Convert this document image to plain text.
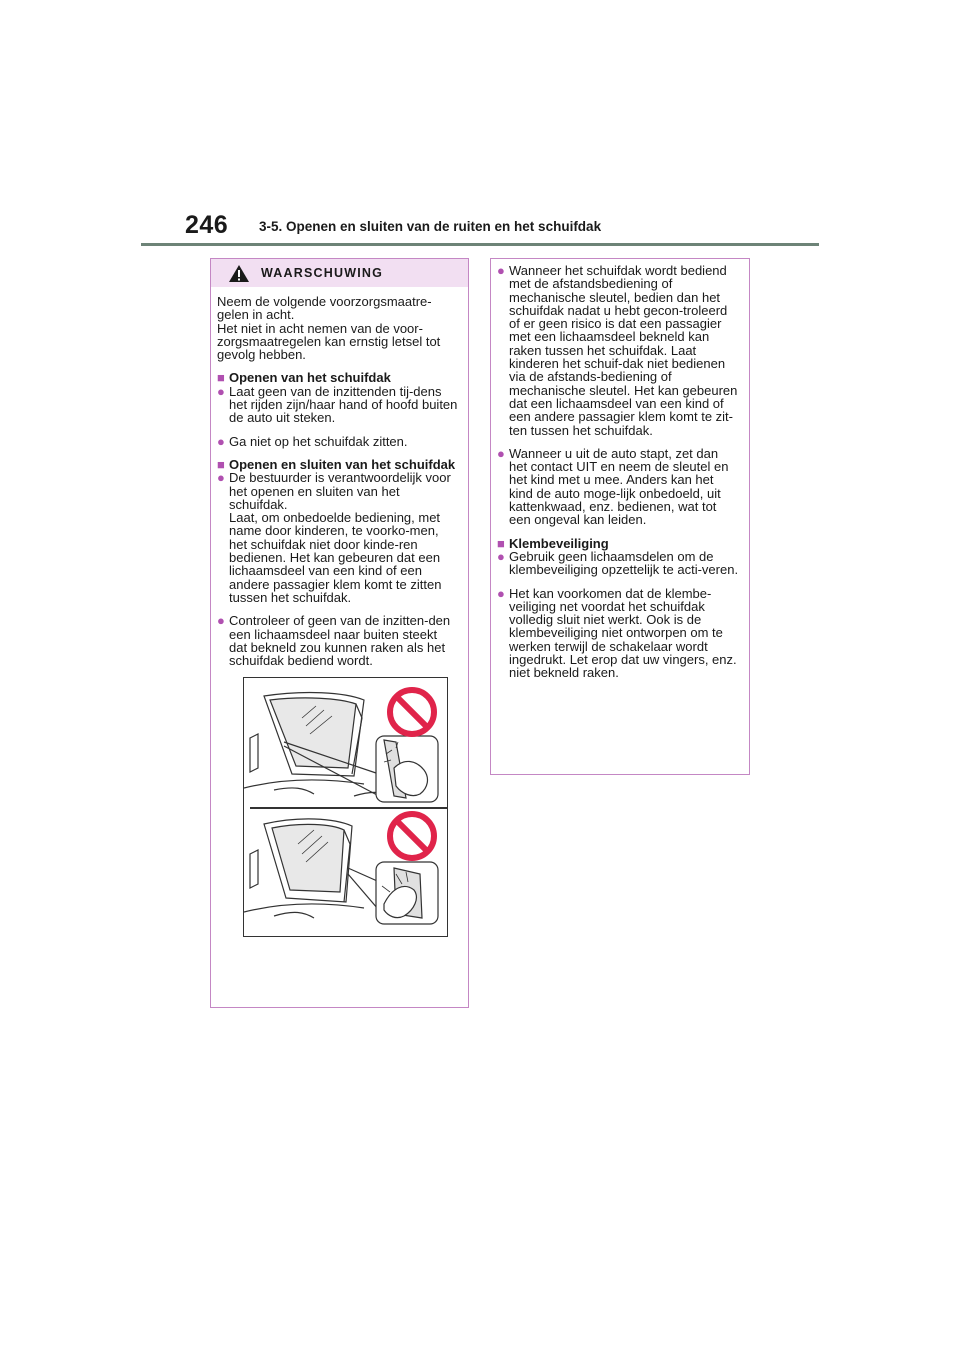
246 3-5. Openen en sluiten van de ruiten en het schuifdak
WAARSCHUWING

Neem de volgende voorzorgsmaatre-gelen in acht.
Het niet in acht nemen van de voor-zorgsmaatregelen kan ernstig letsel tot gevolg hebben.

■ Openen van het schuifdak
● Laat geen van de inzittenden tij-dens het rijden zijn/haar hand of hoofd buiten de auto uit steken.
● Ga niet op het schuifdak zitten.
■ Openen en sluiten van het schuifdak
● De bestuurder is verantwoordelijk voor het openen en sluiten van het schuifdak.
Laat, om onbedoelde bediening, met name door kinderen, te voorko-men, het schuifdak niet door kinde-ren bedienen. Het kan gebeuren dat een lichaamsdeel van een kind of een andere passagier klem komt te zitten tussen het schuifdak.
● Controleer of geen van de inzitten-den een lichaamsdeel naar buiten steekt dat bekneld zou kunnen raken als het schuifdak bediend wordt.
● Wanneer het schuifdak wordt bediend met de afstandsbediening of mechanische sleutel, bedien dan het schuifdak nadat u hebt gecon-troleerd of er geen risico is dat een passagier met een lichaamsdeel bekneld kan raken tussen het schuifdak. Laat kinderen het schuif-dak niet bedienen via de afstands-bediening of mechanische sleutel. Het kan gebeuren dat een lichaamsdeel van een kind of een andere passagier klem komt te zit-ten tussen het schuifdak.
● Wanneer u uit de auto stapt, zet dan het contact UIT en neem de sleutel en het kind met u mee. Anders kan het kind de auto moge-lijk onbedoeld, uit kattenkwaad, enz. bedienen, wat tot een ongeval kan leiden.
■ Klembeveiliging
● Gebruik geen lichaamsdelen om de klembeveiliging opzettelijk te acti-veren.
● Het kan voorkomen dat de klembe-veiliging net voordat het schuifdak volledig sluit niet werkt. Ook is de klembeveiliging niet ontworpen om te werken terwijl de schakelaar wordt ingedrukt. Let erop dat uw vingers, enz. niet bekneld raken.
